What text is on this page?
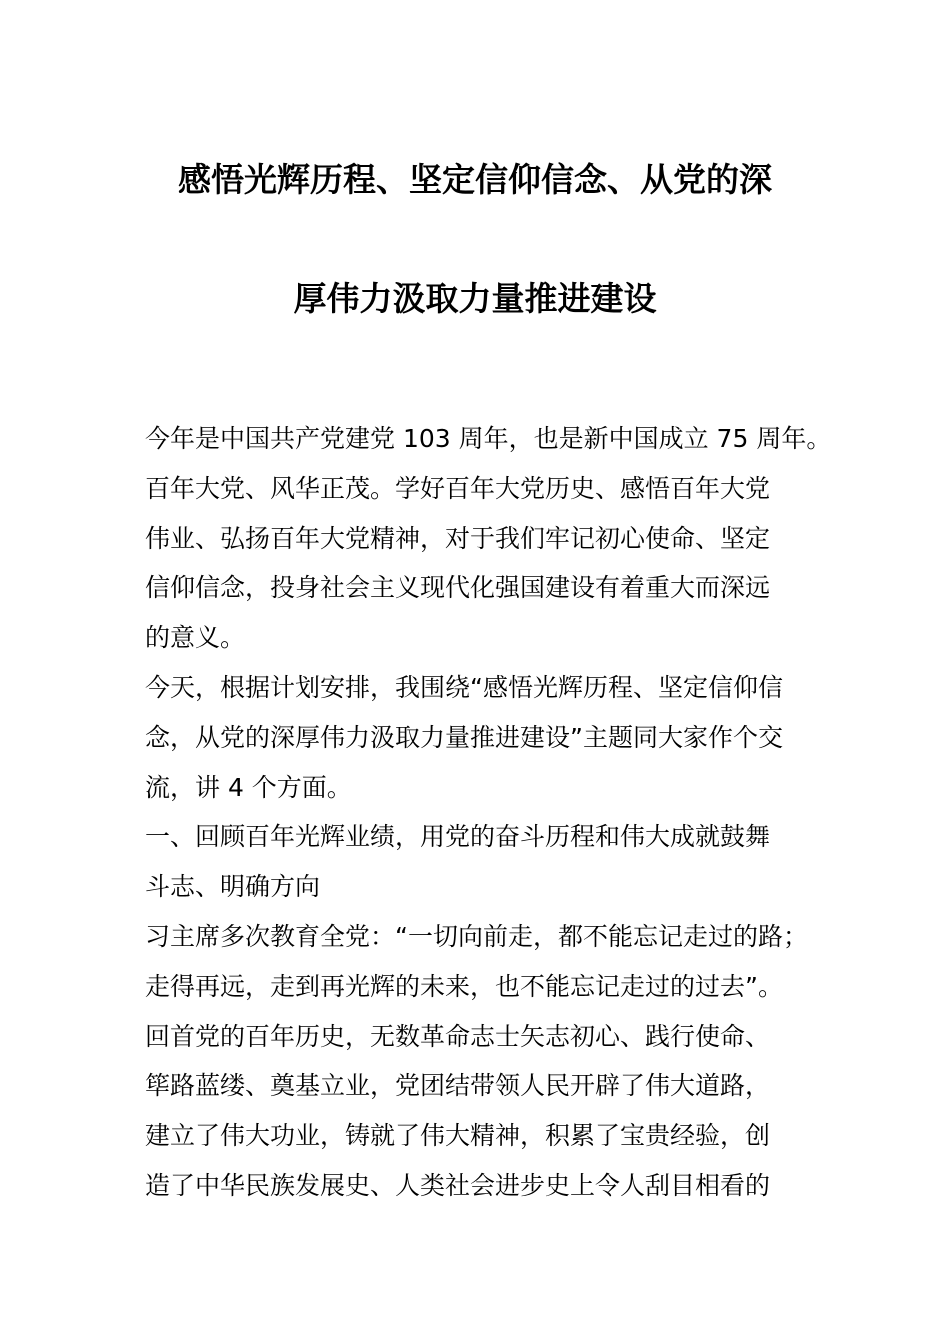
感悟光辉历程、坚定信仰信念、从党的深
厚伟力汲取力量推进建设
今年是中国共产党建党 103 周年，也是新中国成立 75 周年。
百年大党、风华正茂。学好百年大党历史、感悟百年大党
伟业、弘扬百年大党精神，对于我们牢记初心使命、坚定
信仰信念，投身社会主义现代化强国建设有着重大而深远
的意义。
今天，根据计划安排，我围绕“感悟光辉历程、坚定信仰信
念，从党的深厚伟力汲取力量推进建设”主题同大家作个交
流，讲 4 个方面。
一、回顾百年光辉业绩，用党的奋斗历程和伟大成就鼓舞
斗志、明确方向
习主席多次教育全党：“一切向前走，都不能忘记走过的路；
走得再远，走到再光辉的未来，也不能忘记走过的过去”。
回首党的百年历史，无数革命志士矢志初心、践行使命、
筚路蓝缕、奠基立业，党团结带领人民开辟了伟大道路，
建立了伟大功业，铸就了伟大精神，积累了宝贵经验，创
造了中华民族发展史、人类社会进步史上令人刮目相看的
